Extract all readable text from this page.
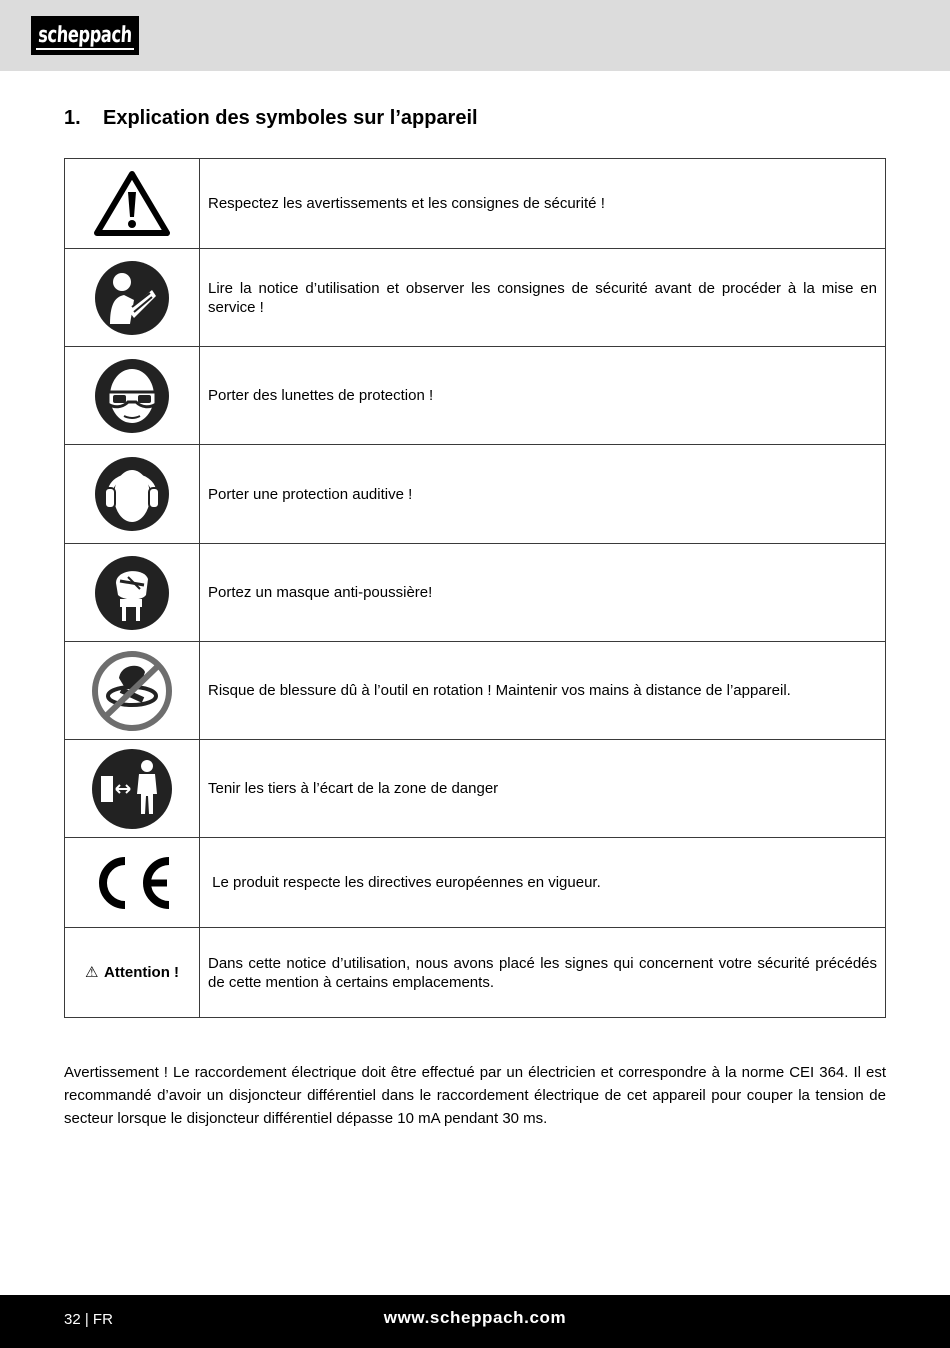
scheppach
1. Explication des symboles sur l’appareil
	Respectez les avertissements et les consignes de sécurité !

	Lire la notice d’utilisation et observer les consignes de sécurité avant de procéder à la mise en service !

	Porter des lunettes de protection !

	Porter une protection auditive !

	Portez un masque anti-poussière!

	Risque de blessure dû à l’outil en rotation ! Maintenir vos mains à distance de l’appareil.

	Tenir les tiers à l’écart de la zone de danger

	Le produit respecte les directives européennes en vigueur.
⚠ Attention !	Dans cette notice d’utilisation, nous avons placé les signes qui concernent votre sécurité précédés de cette mention à certains emplacements.
Avertissement ! Le raccordement électrique doit être effectué par un électricien et correspondre à la norme CEI 364. Il est recommandé d’avoir un disjoncteur différentiel dans le raccordement électrique de cet appareil pour couper la tension de secteur lorsque le disjoncteur différentiel dépasse 10 mA pendant 30 ms.
32 | FR	www.scheppach.com
